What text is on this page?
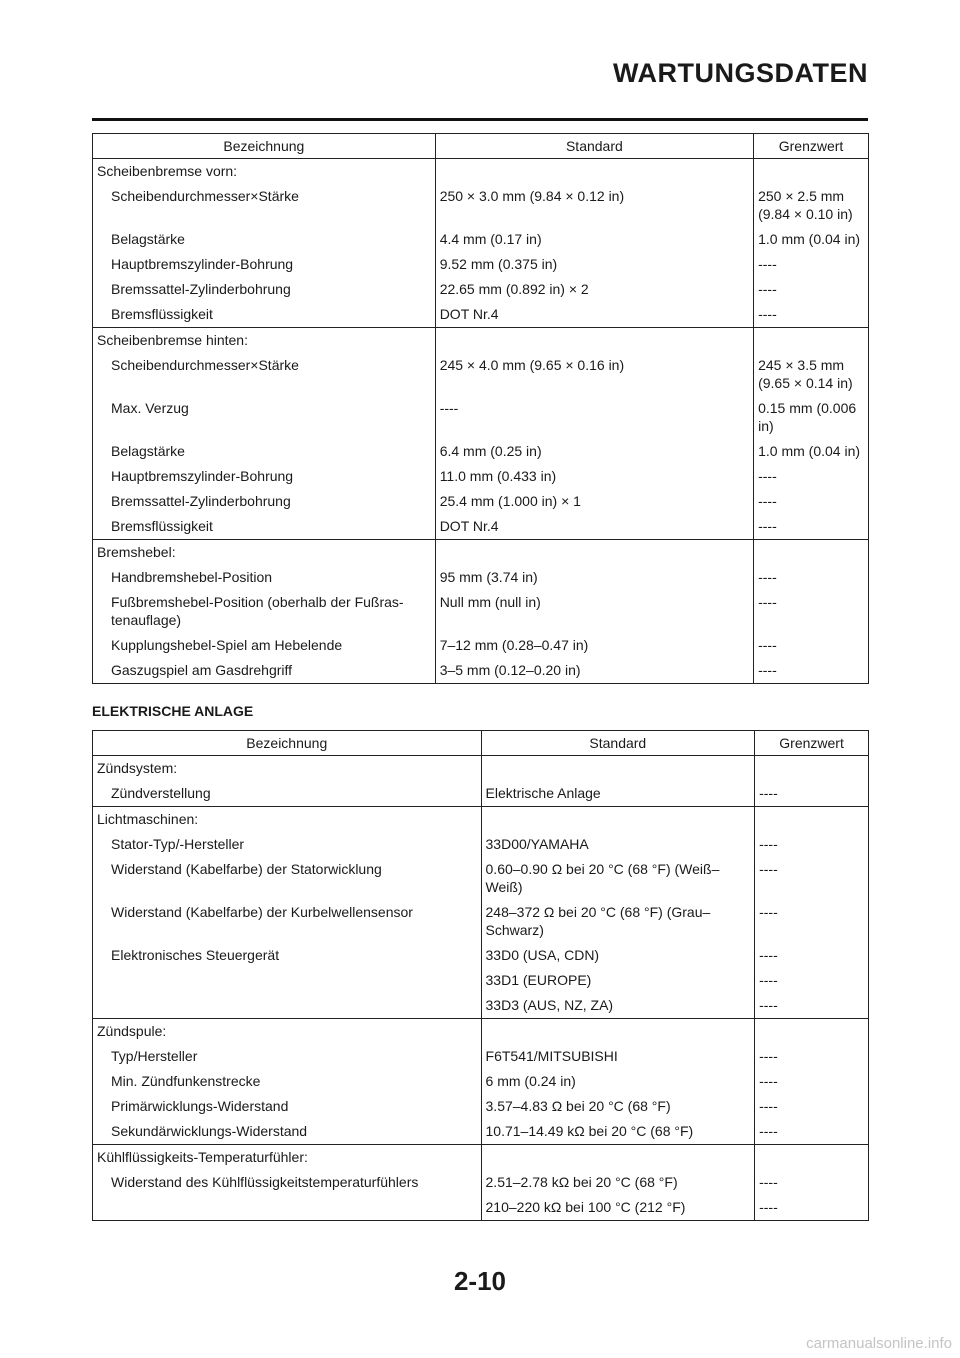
WARTUNGSDATEN
Bezeichnung	Standard	Grenzwert
Scheibenbremse vorn:		
Scheibendurchmesser×Stärke	250 × 3.0 mm (9.84 × 0.12 in)	250 × 2.5 mm (9.84 × 0.10 in)
Belagstärke	4.4 mm (0.17 in)	1.0 mm (0.04 in)
Hauptbremszylinder-Bohrung	9.52 mm (0.375 in)	----
Bremssattel-Zylinderbohrung	22.65 mm (0.892 in) × 2	----
Bremsflüssigkeit	DOT Nr.4	----
Scheibenbremse hinten:		
Scheibendurchmesser×Stärke	245 × 4.0 mm (9.65 × 0.16 in)	245 × 3.5 mm (9.65 × 0.14 in)
Max. Verzug	----	0.15 mm (0.006 in)
Belagstärke	6.4 mm (0.25 in)	1.0 mm (0.04 in)
Hauptbremszylinder-Bohrung	11.0 mm (0.433 in)	----
Bremssattel-Zylinderbohrung	25.4 mm (1.000 in) × 1	----
Bremsflüssigkeit	DOT Nr.4	----
Bremshebel:		
Handbremshebel-Position	95 mm (3.74 in)	----
Fußbremshebel-Position (oberhalb der Fußras-tenauflage)	Null mm (null in)	----
Kupplungshebel-Spiel am Hebelende	7–12 mm (0.28–0.47 in)	----
Gaszugspiel am Gasdrehgriff	3–5 mm (0.12–0.20 in)	----
ELEKTRISCHE ANLAGE
Bezeichnung	Standard	Grenzwert
Zündsystem:		
Zündverstellung	Elektrische Anlage	----
Lichtmaschinen:		
Stator-Typ/-Hersteller	33D00/YAMAHA	----
Widerstand (Kabelfarbe) der Statorwicklung	0.60–0.90 Ω bei 20 °C (68 °F) (Weiß–Weiß)	----
Widerstand (Kabelfarbe) der Kurbelwellensensor	248–372 Ω bei 20 °C (68 °F) (Grau–Schwarz)	----
Elektronisches Steuergerät	33D0 (USA, CDN)	----
	33D1 (EUROPE)	----
	33D3 (AUS, NZ, ZA)	----
Zündspule:		
Typ/Hersteller	F6T541/MITSUBISHI	----
Min. Zündfunkenstrecke	6 mm (0.24 in)	----
Primärwicklungs-Widerstand	3.57–4.83 Ω bei 20 °C (68 °F)	----
Sekundärwicklungs-Widerstand	10.71–14.49 kΩ bei 20 °C (68 °F)	----
Kühlflüssigkeits-Temperaturfühler:		
Widerstand des Kühlflüssigkeitstemperaturfühlers	2.51–2.78 kΩ bei 20 °C (68 °F)	----
	210–220 kΩ bei 100 °C (212 °F)	----
2-10
carmanualsonline.info
